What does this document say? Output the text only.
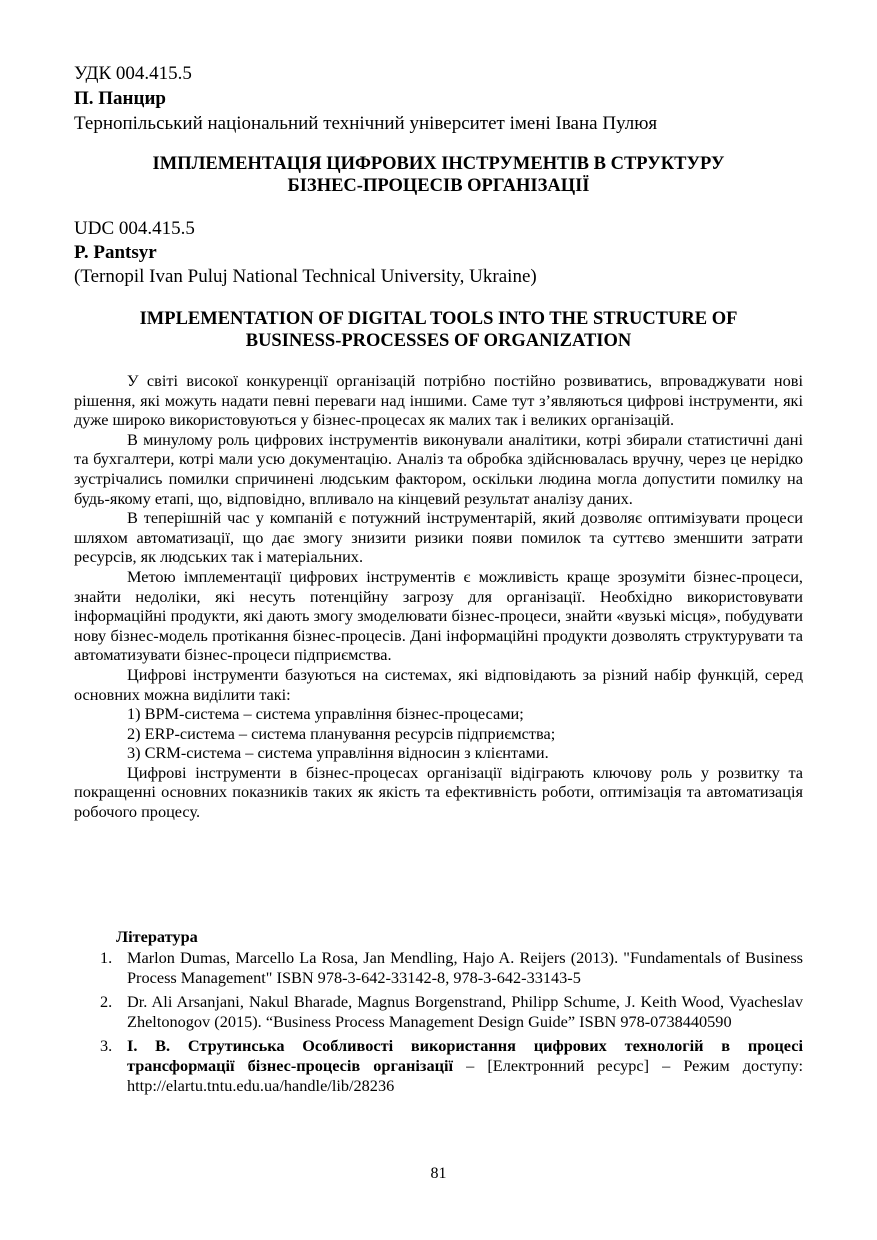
УДК 004.415.5
П. Панцир
Тернопільський національний технічний університет імені Івана Пулюя
ІМПЛЕМЕНТАЦІЯ ЦИФРОВИХ ІНСТРУМЕНТІВ В СТРУКТУРУ
БІЗНЕС-ПРОЦЕСІВ ОРГАНІЗАЦІЇ
UDC 004.415.5
P. Pantsyr
(Ternopil Ivan Puluj National Technical University, Ukraine)
IMPLEMENTATION OF DIGITAL TOOLS INTO THE STRUCTURE OF
BUSINESS-PROCESSES OF ORGANIZATION

У світі високої конкуренції організацій потрібно постійно розвиватись, впроваджувати нові рішення, які можуть надати певні переваги над іншими. Саме тут з’являються цифрові інструменти, які дуже широко використовуються у бізнес-процесах як малих так і великих організацій.

В минулому роль цифрових інструментів виконували аналітики, котрі збирали статистичні дані та бухгалтери, котрі мали усю документацію. Аналіз та обробка здійснювалась вручну, через це нерідко зустрічались помилки спричинені людським фактором, оскільки людина могла допустити помилку на будь-якому етапі, що, відповідно, впливало на кінцевий результат аналізу даних.

В теперішній час у компаній є потужний інструментарій, який дозволяє оптимізувати процеси шляхом автоматизації, що дає змогу знизити ризики появи помилок та суттєво зменшити затрати ресурсів, як людських так і матеріальних.

Метою імплементації цифрових інструментів є можливість краще зрозуміти бізнес-процеси, знайти недоліки, які несуть потенційну загрозу для організації. Необхідно використовувати інформаційні продукти, які дають змогу змоделювати бізнес-процеси, знайти «вузькі місця», побудувати нову бізнес-модель протікання бізнес-процесів. Дані інформаційні продукти дозволять структурувати та автоматизувати бізнес-процеси підприємства.

Цифрові інструменти базуються на системах, які відповідають за різний набір функцій, серед основних можна виділити такі:

1) BPM-система – система управління бізнес-процесами;
2) ERP-система – система планування ресурсів підприємства;
3) CRM-система – система управління відносин з клієнтами.

Цифрові інструменти в бізнес-процесах організації відіграють ключову роль у розвитку та покращенні основних показників таких як якість та ефективність роботи, оптимізація та автоматизація робочого процесу.

Література
1. Marlon Dumas, Marcello La Rosa, Jan Mendling, Hajo A. Reijers (2013). "Fundamentals of Business Process Management" ISBN 978-3-642-33142-8, 978-3-642-33143-5
2. Dr. Ali Arsanjani, Nakul Bharade, Magnus Borgenstrand, Philipp Schume, J. Keith Wood, Vyacheslav Zheltonogov (2015). “Business Process Management Design Guide” ISBN 978-0738440590
3. І. В. Струтинська Особливості використання цифрових технологій в процесі трансформації бізнес-процесів організації – [Електронний ресурс] – Режим доступу: http://elartu.tntu.edu.ua/handle/lib/28236
81
